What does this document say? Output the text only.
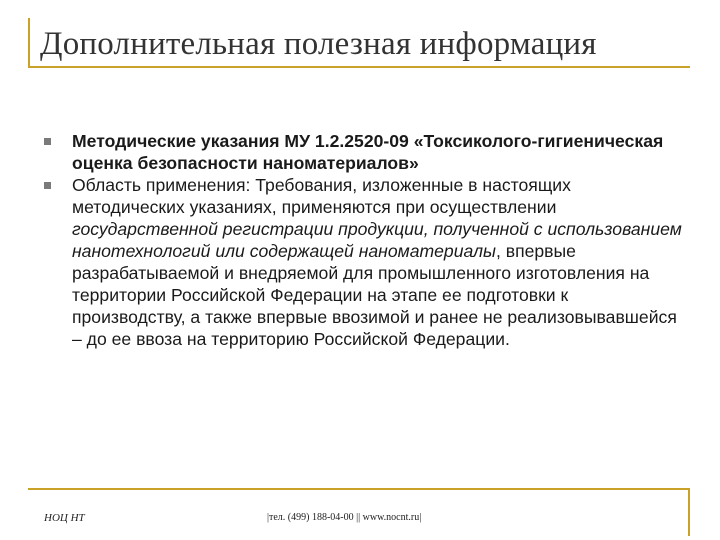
Дополнительная полезная информация
Методические указания МУ 1.2.2520-09 «Токсиколого-гигиеническая оценка безопасности наноматериалов»
Область применения: Требования, изложенные в настоящих методических указаниях, применяются при осуществлении государственной регистрации продукции, полученной с использованием нанотехнологий или содержащей наноматериалы, впервые разрабатываемой и внедряемой для промышленного изготовления на территории Российской Федерации на этапе ее подготовки к производству, а также впервые ввозимой и ранее не реализовывавшейся – до ее ввоза на территорию Российской Федерации.
НОЦ НТ	|тел. (499) 188-04-00 || www.nocnt.ru|
